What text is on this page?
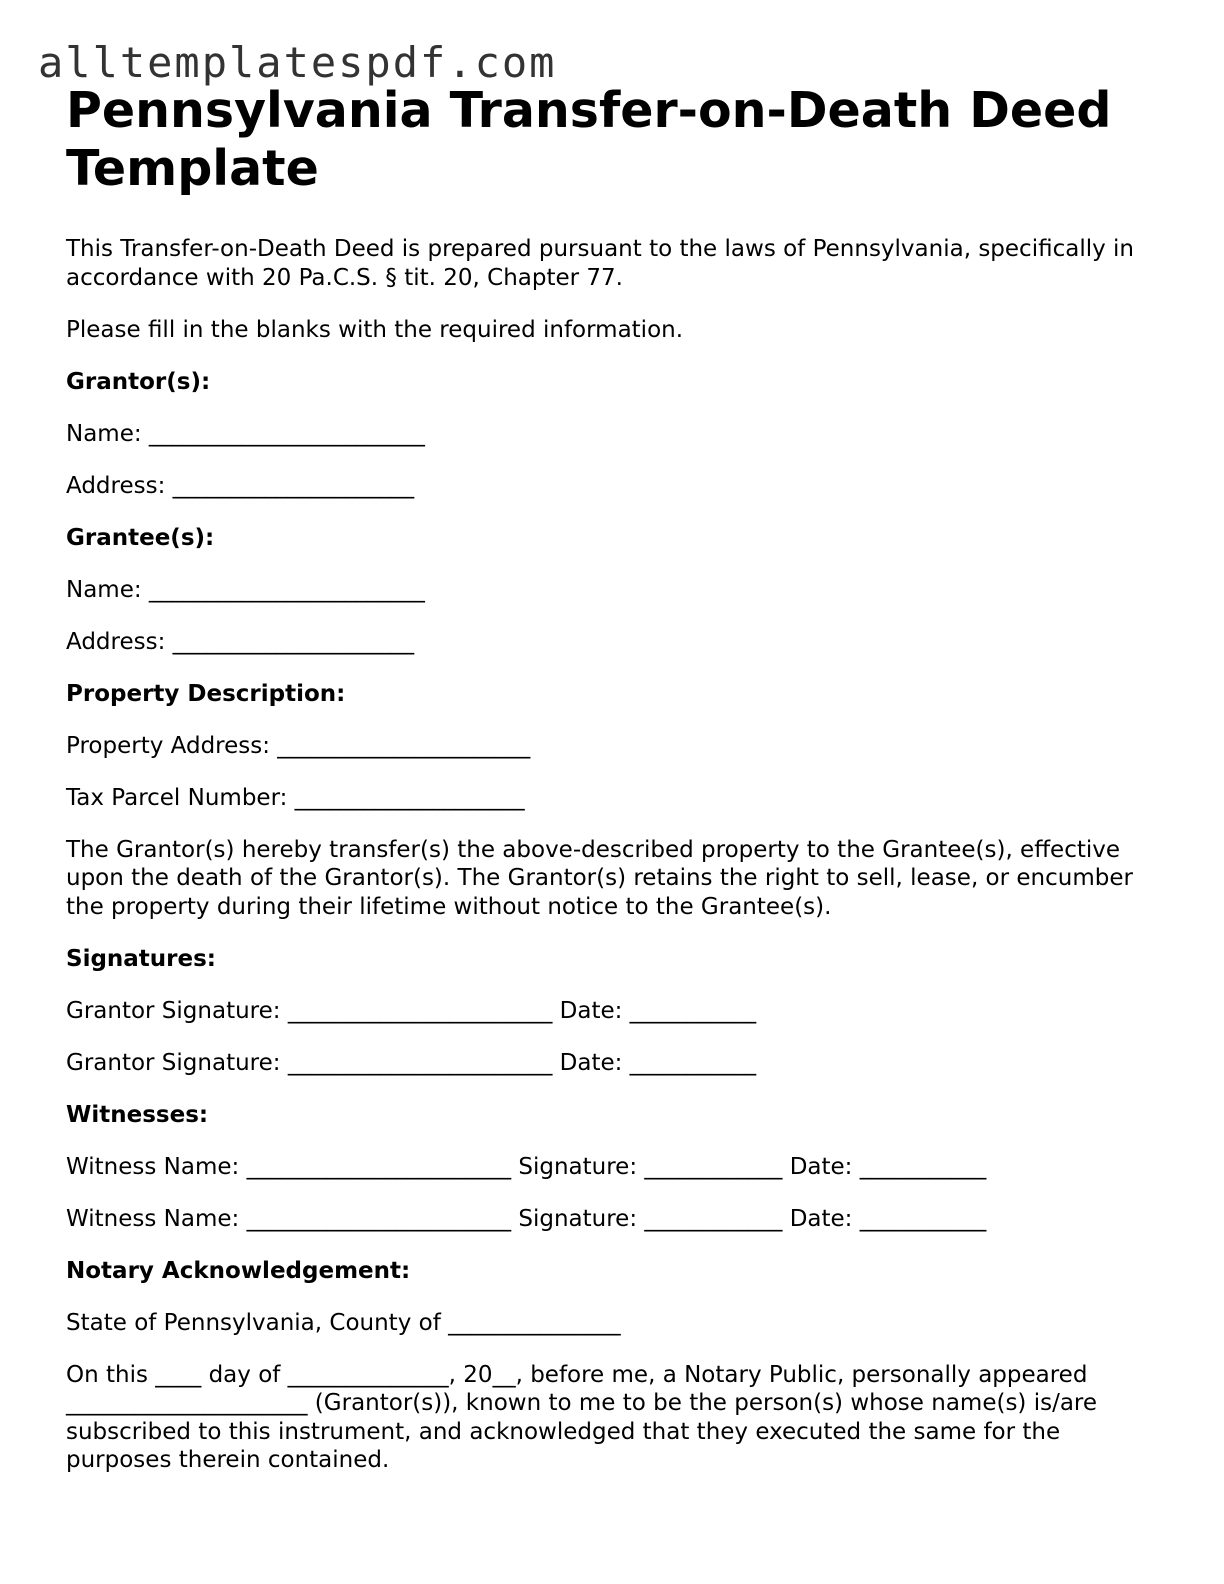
alltemplatespdf.com
Pennsylvania Transfer-on-Death Deed Template

This Transfer-on-Death Deed is prepared pursuant to the laws of Pennsylvania, specifically in accordance with 20 Pa.C.S. § tit. 20, Chapter 77.

Please fill in the blanks with the required information.

Grantor(s):

Name: ________________________

Address: _____________________

Grantee(s):

Name: ________________________

Address: _____________________

Property Description:

Property Address: ______________________

Tax Parcel Number: ____________________

The Grantor(s) hereby transfer(s) the above-described property to the Grantee(s), effective upon the death of the Grantor(s). The Grantor(s) retains the right to sell, lease, or encumber the property during their lifetime without notice to the Grantee(s).

Signatures:

Grantor Signature: _______________________ Date: ___________

Grantor Signature: _______________________ Date: ___________

Witnesses:

Witness Name: _______________________ Signature: ____________ Date: ___________

Witness Name: _______________________ Signature: ____________ Date: ___________

Notary Acknowledgement:

State of Pennsylvania, County of _______________

On this ____ day of ______________, 20__, before me, a Notary Public, personally appeared _____________________ (Grantor(s)), known to me to be the person(s) whose name(s) is/are subscribed to this instrument, and acknowledged that they executed the same for the purposes therein contained.
